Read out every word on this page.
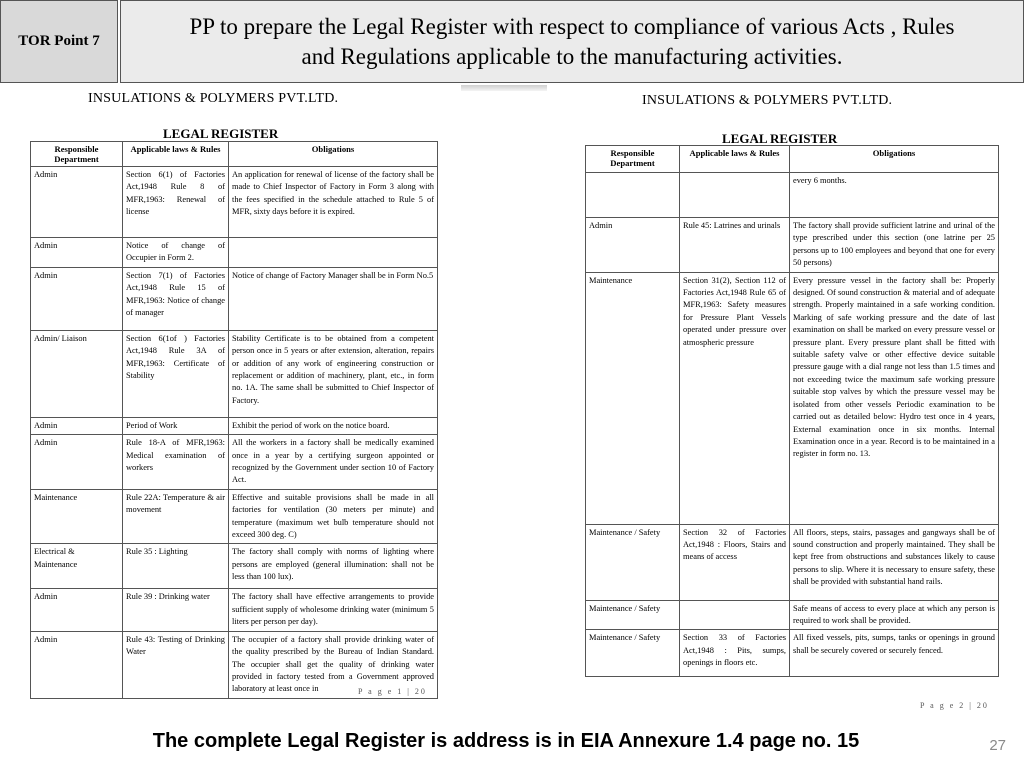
TOR Point 7
PP to prepare the Legal Register with respect to compliance of various Acts , Rules
and Regulations applicable to the manufacturing activities.
INSULATIONS & POLYMERS PVT.LTD.
LEGAL REGISTER
Responsible Department	Applicable laws & Rules	Obligations
Admin	Section 6(1) of Factories Act,1948 Rule 8 of MFR,1963: Renewal of license	An application for renewal of license of the factory shall be made to Chief Inspector of Factory in Form 3 along with the fees specified in the schedule attached to Rule 5 of MFR, sixty days before it is expired.
Admin	Notice of change of Occupier in Form 2.	
Admin	Section 7(1) of Factories Act,1948 Rule 15 of MFR,1963: Notice of change of manager	Notice of change of Factory Manager shall be in Form No.5
Admin/ Liaison	Section 6(1of ) Factories Act,1948 Rule 3A of MFR,1963: Certificate of Stability	Stability Certificate is to be obtained from a competent person once in 5 years or after extension, alteration, repairs or addition of any work of engineering construction or replacement or addition of machinery, plant, etc., in form no. 1A. The same shall be submitted to Chief Inspector of Factory.
Admin	Period of Work	Exhibit the period of work on the notice board.
Admin	Rule 18-A of MFR,1963: Medical examination of workers	All the workers in a factory shall be medically examined once in a year by a certifying surgeon appointed or recognized by the Government under section 10 of Factory Act.
Maintenance	Rule 22A: Temperature & air movement	Effective and suitable provisions shall be made in all factories for ventilation (30 meters per minute) and temperature (maximum wet bulb temperature should not exceed 300 deg. C)
Electrical & Maintenance	Rule 35 : Lighting	The factory shall comply with norms of lighting where persons are employed (general illumination: shall not be less than 100 lux).
Admin	Rule 39 : Drinking water	The factory shall have effective arrangements to provide sufficient supply of wholesome drinking water (minimum 5 liters per person per day).
Admin	Rule 43: Testing of Drinking Water	The occupier of a factory shall provide drinking water of the quality prescribed by the Bureau of Indian Standard. The occupier shall get the quality of drinking water provided in factory tested from a Government approved laboratory at least once in	P a g e 1 | 20
INSULATIONS & POLYMERS PVT.LTD.
LEGAL REGISTER
Responsible Department	Applicable laws & Rules	Obligations
		every 6 months.
Admin	Rule 45: Latrines and urinals	The factory shall provide sufficient latrine and urinal of the type prescribed under this section (one latrine per 25 persons up to 100 employees and beyond that one for every 50 persons)
Maintenance	Section 31(2), Section 112 of Factories Act,1948 Rule 65 of MFR,1963: Safety measures for Pressure Plant Vessels operated under pressure over atmospheric pressure	Every pressure vessel in the factory shall be: Properly designed. Of sound construction & material and of adequate strength. Properly maintained in a safe working condition. Marking of safe working pressure and the date of last examination on shall be marked on every pressure vessel or pressure plant. Every pressure plant shall be fitted with suitable safety valve or other effective device suitable pressure gauge with a dial range not less than 1.5 times and not exceeding twice the maximum safe working pressure suitable stop valves by which the pressure vessel may be isolated from other vessels Periodic examination to be carried out as detailed below: Hydro test once in 4 years, External examination once in six months. Internal Examination once in a year. Record is to be maintained in a register in form no. 13.
Maintenance / Safety	Section 32 of Factories Act,1948 : Floors, Stairs and means of access	All floors, steps, stairs, passages and gangways shall be of sound construction and properly maintained. They shall be kept free from obstructions and substances likely to cause persons to slip. Where it is necessary to ensure safety, these shall be provided with substantial hand rails.
Maintenance / Safety		Safe means of access to every place at which any person is required to work shall be provided.
Maintenance / Safety	Section 33 of Factories Act,1948 : Pits, sumps, openings in floors etc.	All fixed vessels, pits, sumps, tanks or openings in ground shall be securely covered or securely fenced.
P a g e 2 | 20
The complete Legal Register is address is in EIA Annexure 1.4 page no. 15	27
